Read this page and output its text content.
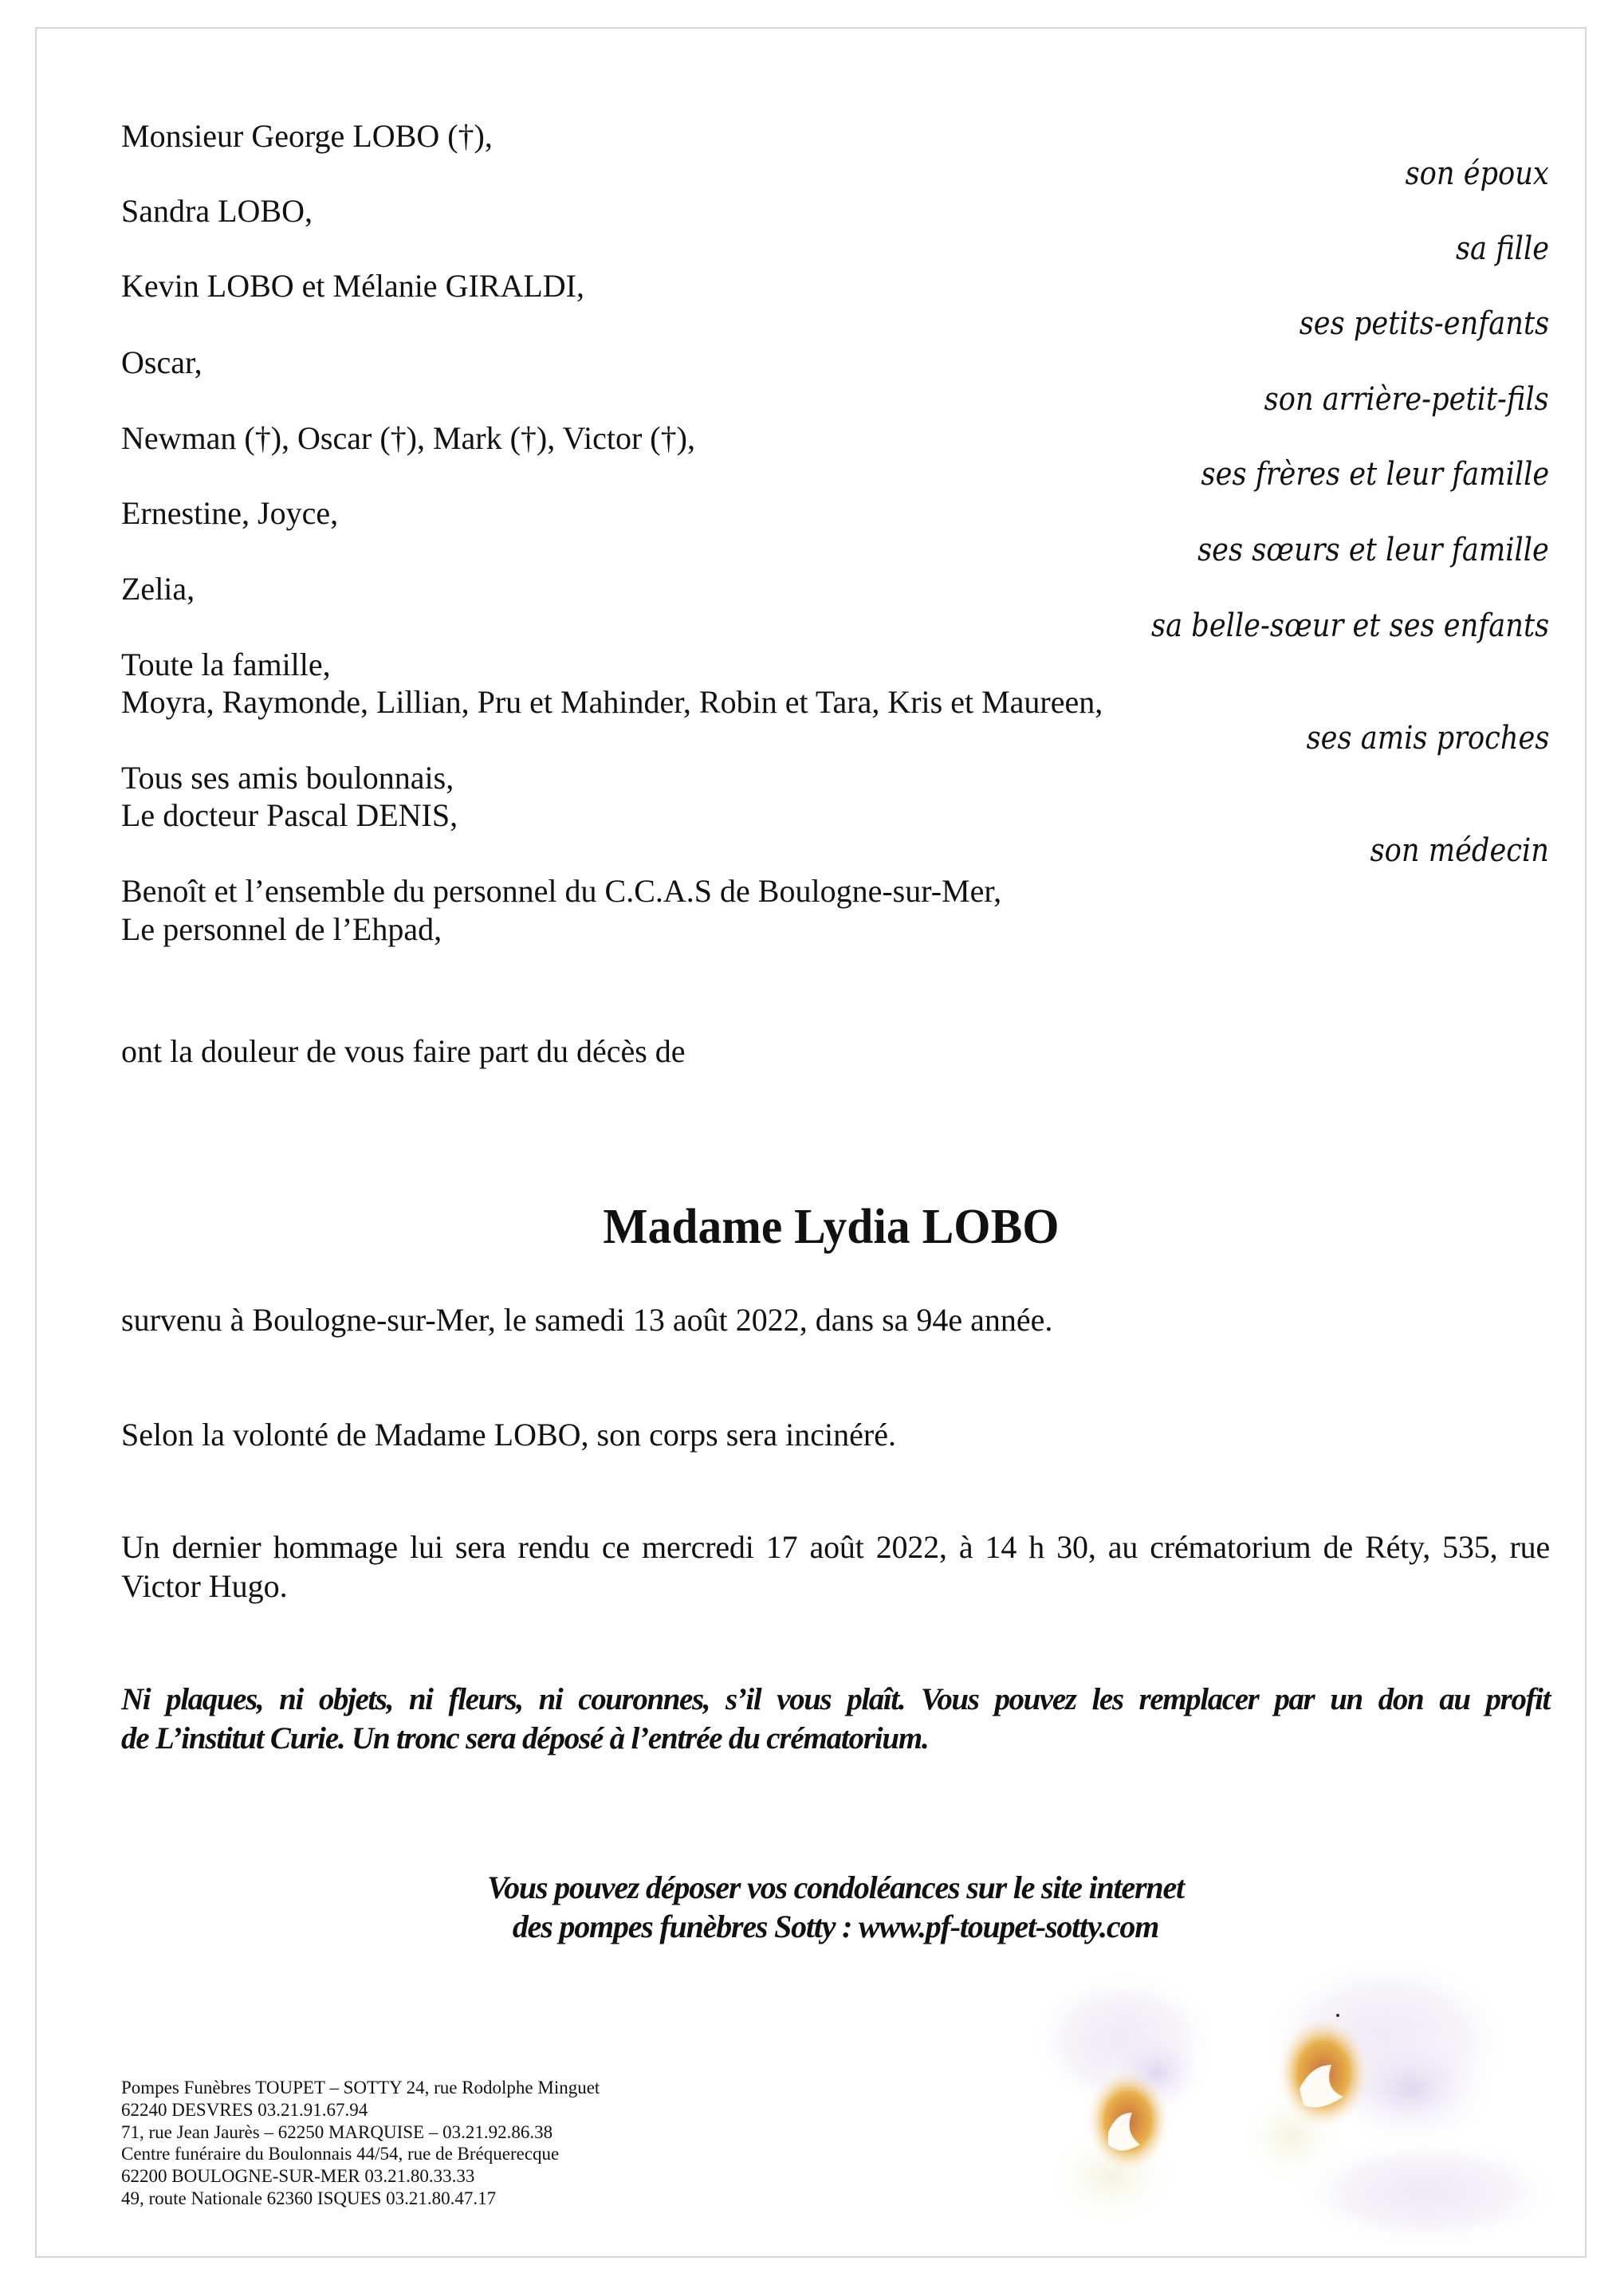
Monsieur George LOBO (†),
Sandra LOBO,
Kevin LOBO et Mélanie GIRALDI,
Oscar,
Newman (†), Oscar (†), Mark (†), Victor (†),
Ernestine, Joyce,
Zelia,
Toute la famille,
Moyra, Raymonde, Lillian, Pru et Mahinder, Robin et Tara, Kris et Maureen,
Tous ses amis boulonnais,
Le docteur Pascal DENIS,
Benoît et l’ensemble du personnel du C.C.A.S de Boulogne-sur-Mer,
Le personnel de l’Ehpad,
son époux
sa fille
ses petits-enfants
son arrière-petit-fils
ses frères et leur famille
ses sœurs et leur famille
sa belle-sœur et ses enfants
ses amis proches
son médecin
ont la douleur de vous faire part du décès de
Madame Lydia LOBO
survenu à Boulogne-sur-Mer, le samedi 13 août 2022, dans sa 94e année.
Selon la volonté de Madame LOBO, son corps sera incinéré.
Un dernier hommage lui sera rendu ce mercredi 17 août 2022, à 14 h 30, au crématorium de Réty, 535, rue
Victor Hugo.
Ni plaques, ni objets, ni fleurs, ni couronnes, s’il vous plaît. Vous pouvez les remplacer par un don au profit
de L’institut Curie. Un tronc sera déposé à l’entrée du crématorium.
Vous pouvez déposer vos condoléances sur le site internet
des pompes funèbres Sotty : www.pf-toupet-sotty.com
Pompes Funèbres TOUPET – SOTTY 24, rue Rodolphe Minguet
62240 DESVRES 03.21.91.67.94
71, rue Jean Jaurès – 62250 MARQUISE – 03.21.92.86.38
Centre funéraire du Boulonnais 44/54, rue de Bréquerecque
62200 BOULOGNE-SUR-MER 03.21.80.33.33
49, route Nationale 62360 ISQUES 03.21.80.47.17
